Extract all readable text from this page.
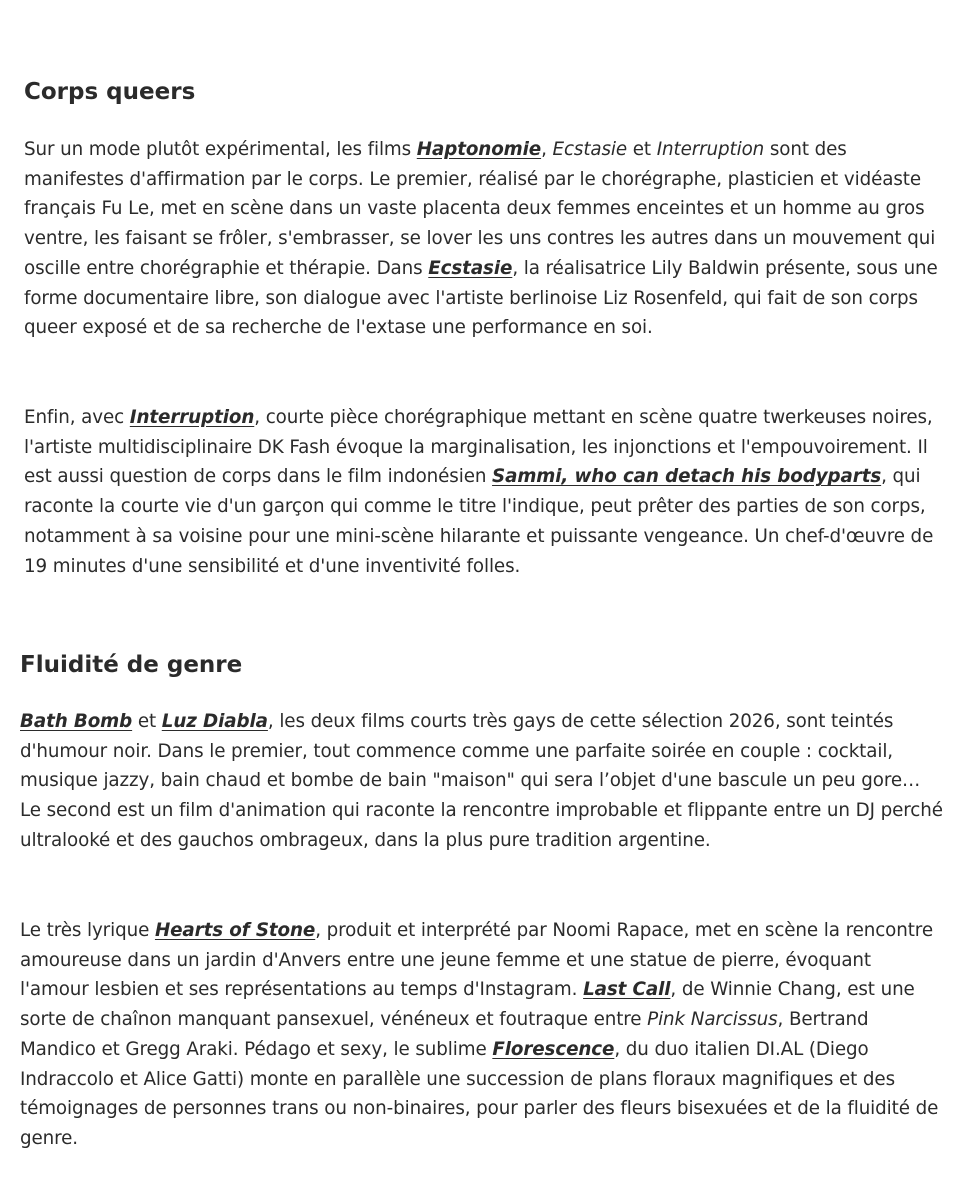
Corps queers

Sur un mode plutôt expérimental, les films Haptonomie, Ecstasie et Interruption sont des manifestes d'affirmation par le corps. Le premier, réalisé par le chorégraphe, plasticien et vidéaste français Fu Le, met en scène dans un vaste placenta deux femmes enceintes et un homme au gros ventre, les faisant se frôler, s'embrasser, se lover les uns contres les autres dans un mouvement qui oscille entre chorégraphie et thérapie. Dans Ecstasie, la réalisatrice Lily Baldwin présente, sous une forme documentaire libre, son dialogue avec l'artiste berlinoise Liz Rosenfeld, qui fait de son corps queer exposé et de sa recherche de l'extase une performance en soi.

Enfin, avec Interruption, courte pièce chorégraphique mettant en scène quatre twerkeuses noires, l'artiste multidisciplinaire DK Fash évoque la marginalisation, les injonctions et l'empouvoirement. Il est aussi question de corps dans le film indonésien Sammi, who can detach his bodyparts, qui raconte la courte vie d'un garçon qui comme le titre l'indique, peut prêter des parties de son corps, notamment à sa voisine pour une mini-scène hilarante et puissante vengeance. Un chef-d'œuvre de 19 minutes d'une sensibilité et d'une inventivité folles.

Fluidité de genre

Bath Bomb et Luz Diabla, les deux films courts très gays de cette sélection 2026, sont teintés d'humour noir. Dans le premier, tout commence comme une parfaite soirée en couple : cocktail, musique jazzy, bain chaud et bombe de bain "maison" qui sera l’objet d'une bascule un peu gore… Le second est un film d'animation qui raconte la rencontre improbable et flippante entre un DJ perché ultralooké et des gauchos ombrageux, dans la plus pure tradition argentine.

Le très lyrique Hearts of Stone, produit et interprété par Noomi Rapace, met en scène la rencontre amoureuse dans un jardin d'Anvers entre une jeune femme et une statue de pierre, évoquant l'amour lesbien et ses représentations au temps d'Instagram. Last Call, de Winnie Chang, est une sorte de chaînon manquant pansexuel, vénéneux et foutraque entre Pink Narcissus, Bertrand Mandico et Gregg Araki. Pédago et sexy, le sublime Florescence, du duo italien DI.AL (Diego Indraccolo et Alice Gatti) monte en parallèle une succession de plans floraux magnifiques et des témoignages de personnes trans ou non-binaires, pour parler des fleurs bisexuées et de la fluidité de genre.
